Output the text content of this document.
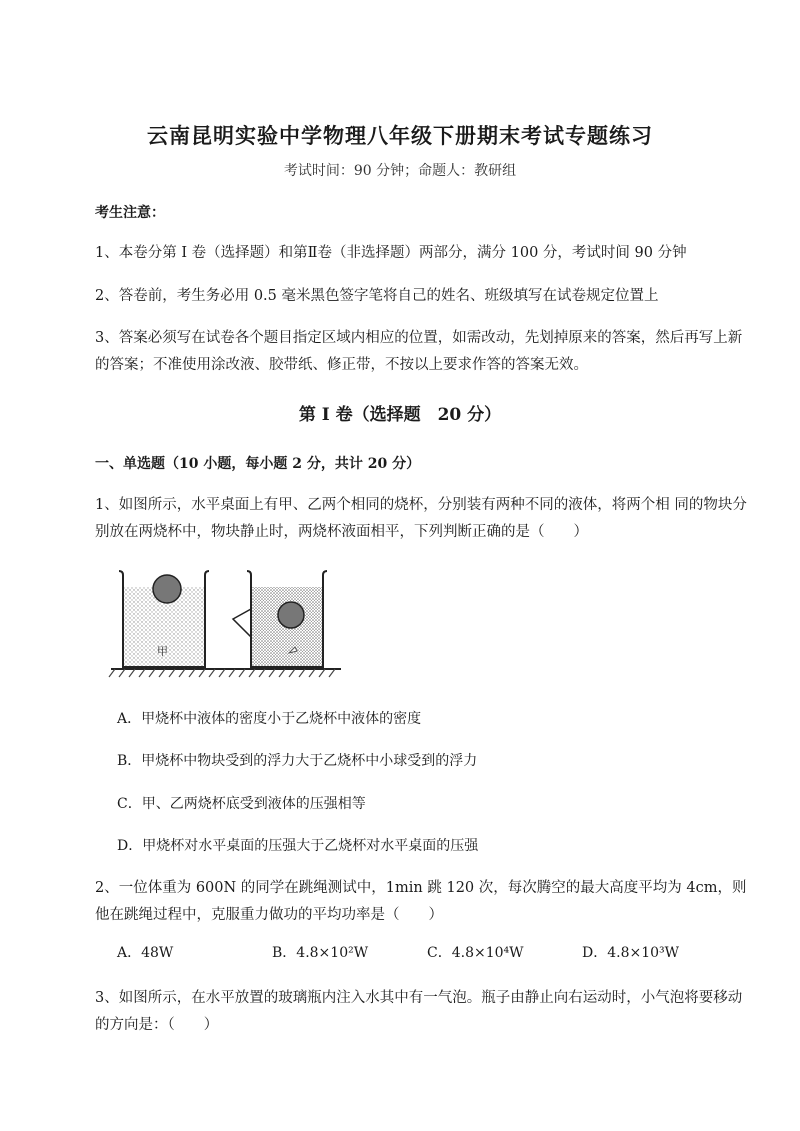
云南昆明实验中学物理八年级下册期末考试专题练习
考试时间：90 分钟；命题人：教研组
考生注意：
1、本卷分第 I 卷（选择题）和第Ⅱ卷（非选择题）两部分，满分 100 分，考试时间 90 分钟
2、答卷前，考生务必用 0.5 毫米黑色签字笔将自己的姓名、班级填写在试卷规定位置上
3、答案必须写在试卷各个题目指定区域内相应的位置，如需改动，先划掉原来的答案，然后再写上新的答案；不准使用涂改液、胶带纸、修正带，不按以上要求作答的答案无效。
第 I 卷（选择题　20 分）
一、单选题（10 小题，每小题 2 分，共计 20 分）
1、如图所示，水平桌面上有甲、乙两个相同的烧杯，分别装有两种不同的液体，将两个相 同的物块分别放在两烧杯中，物块静止时，两烧杯液面相平，下列判断正确的是（　　）
甲
A．甲烧杯中液体的密度小于乙烧杯中液体的密度
B．甲烧杯中物块受到的浮力大于乙烧杯中小球受到的浮力
C．甲、乙两烧杯底受到液体的压强相等
D．甲烧杯对水平桌面的压强大于乙烧杯对水平桌面的压强
2、一位体重为 600N 的同学在跳绳测试中，1min 跳 120 次，每次腾空的最大高度平均为 4cm，则他在跳绳过程中，克服重力做功的平均功率是（　　）
A．48W	B．4.8×10²W	C．4.8×10⁴W	D．4.8×10³W
3、如图所示，在水平放置的玻璃瓶内注入水其中有一气泡。瓶子由静止向右运动时，小气泡将要移动的方向是：（　　）
